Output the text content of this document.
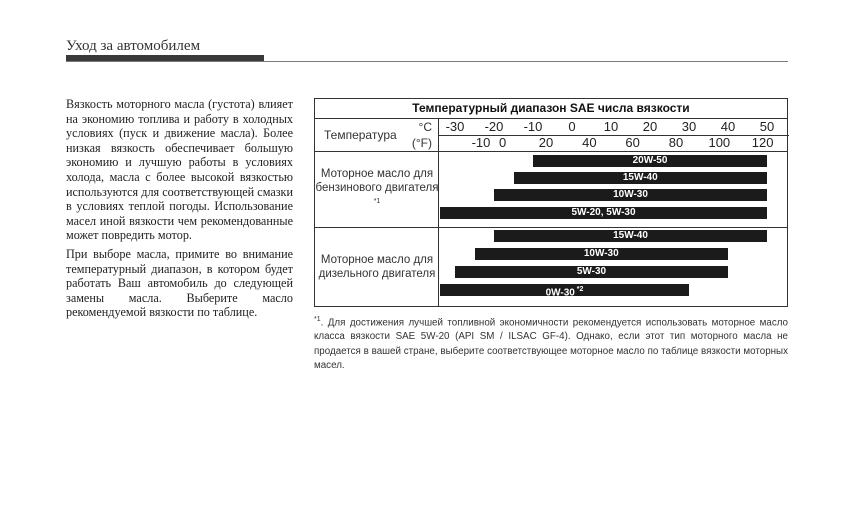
Уход за автомобилем

Вязкость моторного масла (густота) влияет на экономию топлива и работу в холодных условиях (пуск и движение масла). Более низкая вязкость обеспечивает большую экономию и лучшую работы в условиях холода, масла с более высокой вязкостью используются для соответствующей смазки в условиях теплой погоды. Использование масел иной вязкости чем рекомендованные может повредить мотор.

При выборе масла, примите во внимание температурный диапазон, в котором будет работать Ваш автомобиль до следующей замены масла. Выберите масло рекомендуемой вязкости по таблице.

Температурный диапазон SAE числа вязкости
Температура
°C
(°F)
-30 -20 -10 0 10 20 30 40 50
-10 0 20 40 60 80 100 120
Моторное масло для бензинового двигателя $^{*1}$
20W-50
15W-40
10W-30
5W-20, 5W-30
Моторное масло для дизельного двигателя
15W-40
10W-30
5W-30
0W-30 $^{*2}$
$^{*1}$. Для достижения лучшей топливной экономичности рекомендуется использовать моторное масло класса вязкости SAE 5W-20 (API SM / ILSAC GF-4). Однако, если этот тип моторного масла не продается в вашей стране, выберите соответствующее моторное масло по таблице вязкости моторных масел.
